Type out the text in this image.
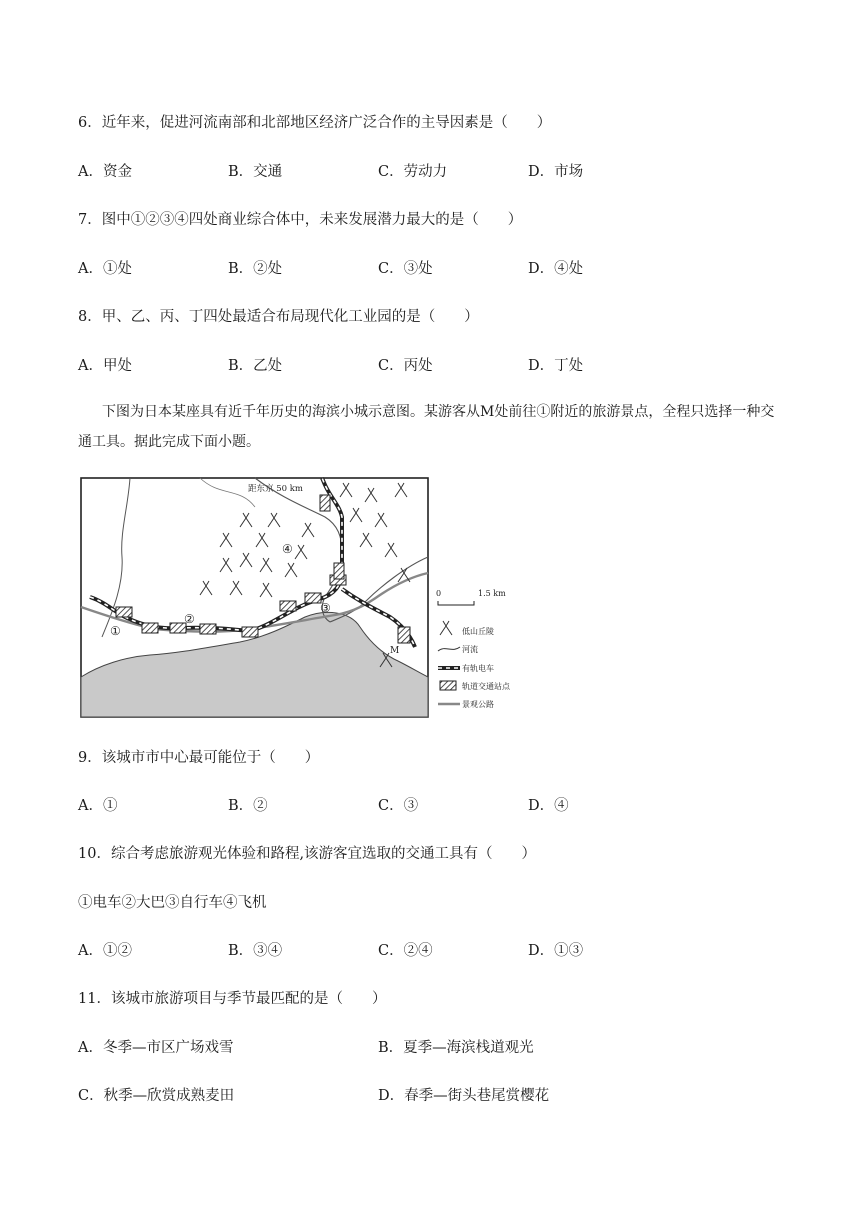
6．近年来，促进河流南部和北部地区经济广泛合作的主导因素是（　　）
A．资金	B．交通	C．劳动力	D．市场
7．图中①②③④四处商业综合体中，未来发展潜力最大的是（　　）
A．①处	B．②处	C．③处	D．④处
8．甲、乙、丙、丁四处最适合布局现代化工业园的是（　　）
A．甲处	B．乙处	C．丙处	D．丁处
下图为日本某座具有近千年历史的海滨小城示意图。某游客从M处前往①附近的旅游景点，全程只选择一种交通工具。据此完成下面小题。
距东京 50 km
①
②
③
④
M
0	1.5 km
低山丘陵
河流
有轨电车
轨道交通站点
景观公路
9．该城市市中心最可能位于（　　）
A．①	B．②	C．③	D．④
10．综合考虑旅游观光体验和路程,该游客宜选取的交通工具有（　　）
①电车②大巴③自行车④飞机
A．①②	B．③④	C．②④	D．①③
11．该城市旅游项目与季节最匹配的是（　　）
A．冬季—市区广场戏雪	B．夏季—海滨栈道观光
C．秋季—欣赏成熟麦田	D．春季—街头巷尾赏樱花
